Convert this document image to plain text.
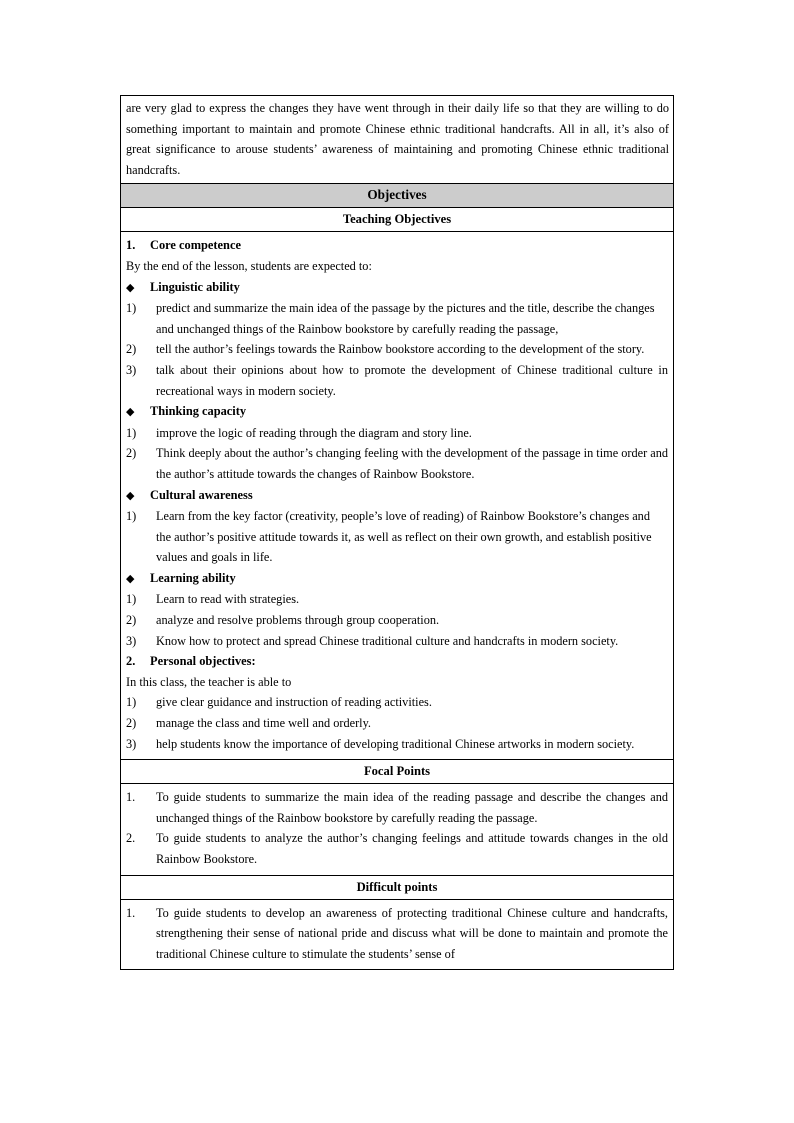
are very glad to express the changes they have went through in their daily life so that they are willing to do something important to maintain and promote Chinese ethnic traditional handcrafts. All in all, it’s also of great significance to arouse students’ awareness of maintaining and promoting Chinese ethnic traditional handcrafts.

Objectives

Teaching Objectives

1.	Core competence
By the end of the lesson, students are expected to:
◆	Linguistic ability
1)	predict and summarize the main idea of the passage by the pictures and the title, describe the changes and unchanged things of the Rainbow bookstore by carefully reading the passage,
2)	tell the author’s feelings towards the Rainbow bookstore according to the development of the story.
3)	talk about their opinions about how to promote the development of Chinese traditional culture in recreational ways in modern society.
◆	Thinking capacity
1)	improve the logic of reading through the diagram and story line.
2)	Think deeply about the author’s changing feeling with the development of the passage in time order and the author’s attitude towards the changes of Rainbow Bookstore.
◆	Cultural awareness
1)	Learn from the key factor (creativity, people’s love of reading) of Rainbow Bookstore’s changes and the author’s positive attitude towards it, as well as reflect on their own growth, and establish positive values and goals in life.
◆	Learning ability
1)	Learn to read with strategies.
2)	analyze and resolve problems through group cooperation.
3)	Know how to protect and spread Chinese traditional culture and handcrafts in modern society.
2.	Personal objectives:
In this class, the teacher is able to
1)	give clear guidance and instruction of reading activities.
2)	manage the class and time well and orderly.
3)	help students know the importance of developing traditional Chinese artworks in modern society.

Focal Points

1.	To guide students to summarize the main idea of the reading passage and describe the changes and unchanged things of the Rainbow bookstore by carefully reading the passage.
2.	To guide students to analyze the author’s changing feelings and attitude towards changes in the old Rainbow Bookstore.

Difficult points

1.	To guide students to develop an awareness of protecting traditional Chinese culture and handcrafts, strengthening their sense of national pride and discuss what will be done to maintain and promote the traditional Chinese culture to stimulate the students’ sense of
